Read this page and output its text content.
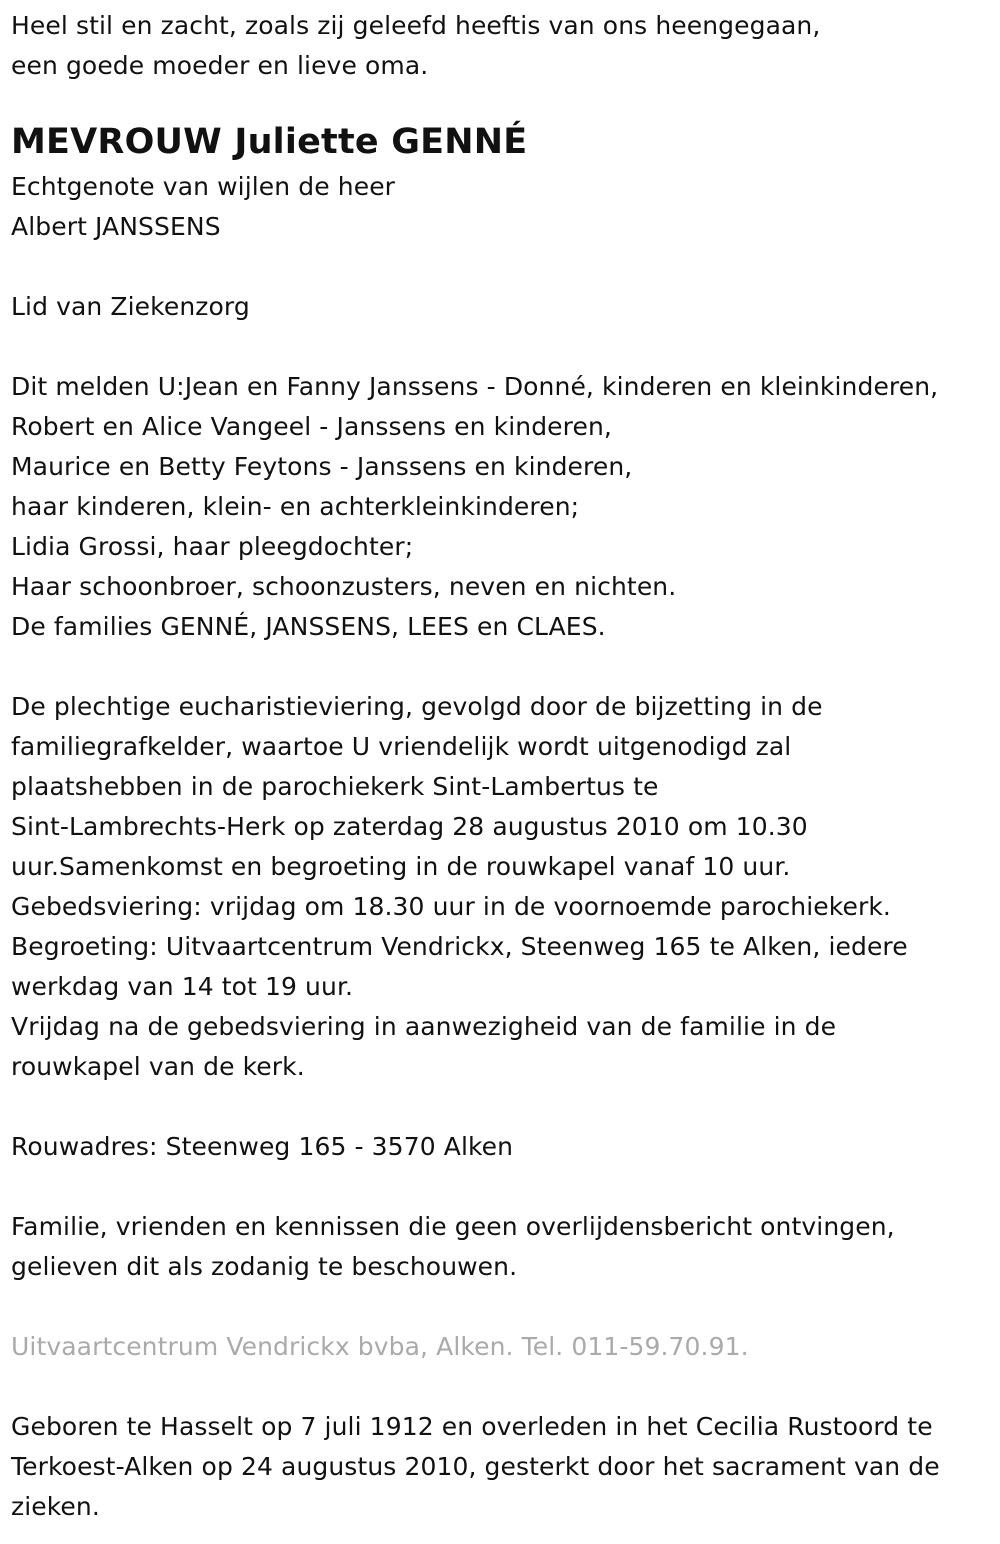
Heel stil en zacht, zoals zij geleefd heeftis van ons heengegaan,
een goede moeder en lieve oma.
MEVROUW Juliette GENNÉ
Echtgenote van wijlen de heer
Albert JANSSENS
Lid van Ziekenzorg
Dit melden U:Jean en Fanny Janssens - Donné, kinderen en kleinkinderen,
Robert en Alice Vangeel - Janssens en kinderen,
Maurice en Betty Feytons - Janssens en kinderen,
haar kinderen, klein- en achterkleinkinderen;
Lidia Grossi, haar pleegdochter;
Haar schoonbroer, schoonzusters, neven en nichten.
De families GENNÉ, JANSSENS, LEES en CLAES.
De plechtige eucharistieviering, gevolgd door de bijzetting in de
familiegrafkelder, waartoe U vriendelijk wordt uitgenodigd zal
plaatshebben in de parochiekerk Sint-Lambertus te
Sint-Lambrechts-Herk op zaterdag 28 augustus 2010 om 10.30
uur.Samenkomst en begroeting in de rouwkapel vanaf 10 uur.
Gebedsviering: vrijdag om 18.30 uur in de voornoemde parochiekerk.
Begroeting: Uitvaartcentrum Vendrickx, Steenweg 165 te Alken, iedere
werkdag van 14 tot 19 uur.
Vrijdag na de gebedsviering in aanwezigheid van de familie in de
rouwkapel van de kerk.
Rouwadres: Steenweg 165 - 3570 Alken
Familie, vrienden en kennissen die geen overlijdensbericht ontvingen,
gelieven dit als zodanig te beschouwen.
Uitvaartcentrum Vendrickx bvba, Alken. Tel. 011-59.70.91.
Geboren te Hasselt op 7 juli 1912 en overleden in het Cecilia Rustoord te
Terkoest-Alken op 24 augustus 2010, gesterkt door het sacrament van de
zieken.
